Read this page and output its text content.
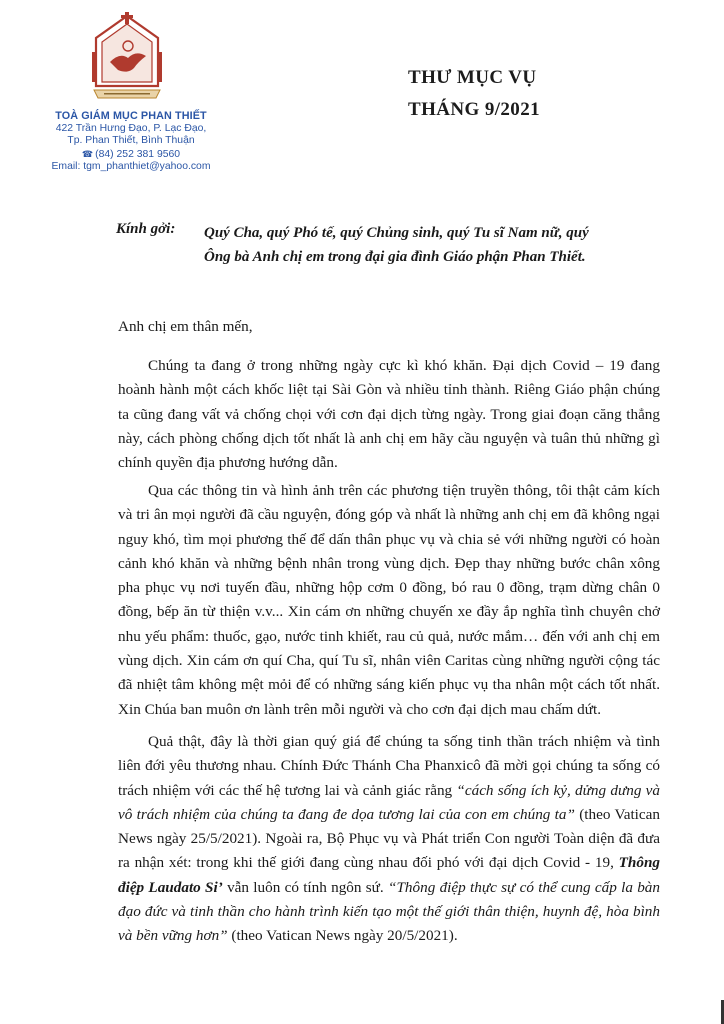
TOÀ GIÁM MỤC PHAN THIẾT
422 Trần Hưng Đạo, P. Lạc Đạo,
Tp. Phan Thiết, Bình Thuận
☎ (84) 252 381 9560
Email: tgm_phanthiet@yahoo.com
THƯ MỤC VỤ
THÁNG 9/2021
Kính gởi: Quý Cha, quý Phó tế, quý Chủng sinh, quý Tu sĩ Nam nữ, quý
Ông bà Anh chị em trong đại gia đình Giáo phận Phan Thiết.
Anh chị em thân mến,
Chúng ta đang ở trong những ngày cực kì khó khăn. Đại dịch Covid – 19 đang hoành hành một cách khốc liệt tại Sài Gòn và nhiều tỉnh thành. Riêng Giáo phận chúng ta cũng đang vất vả chống chọi với cơn đại dịch từng ngày. Trong giai đoạn căng thẳng này, cách phòng chống dịch tốt nhất là anh chị em hãy cầu nguyện và tuân thủ những gì chính quyền địa phương hướng dẫn.
Qua các thông tin và hình ảnh trên các phương tiện truyền thông, tôi thật cảm kích và tri ân mọi người đã cầu nguyện, đóng góp và nhất là những anh chị em đã không ngại nguy khó, tìm mọi phương thế để dấn thân phục vụ và chia sẻ với những người có hoàn cảnh khó khăn và những bệnh nhân trong vùng dịch. Đẹp thay những bước chân xông pha phục vụ nơi tuyến đầu, những hộp cơm 0 đồng, bó rau 0 đồng, trạm dừng chân 0 đồng, bếp ăn từ thiện v.v... Xin cám ơn những chuyến xe đầy ắp nghĩa tình chuyên chở nhu yếu phẩm: thuốc, gạo, nước tinh khiết, rau củ quả, nước mắm… đến với anh chị em vùng dịch. Xin cám ơn quí Cha, quí Tu sĩ, nhân viên Caritas cùng những người cộng tác đã nhiệt tâm không mệt mỏi để có những sáng kiến phục vụ tha nhân một cách tốt nhất. Xin Chúa ban muôn ơn lành trên mỗi người và cho cơn đại dịch mau chấm dứt.
Quả thật, đây là thời gian quý giá để chúng ta sống tinh thần trách nhiệm và tình liên đới yêu thương nhau. Chính Đức Thánh Cha Phanxicô đã mời gọi chúng ta sống có trách nhiệm với các thế hệ tương lai và cảnh giác rằng “cách sống ích kỷ, dửng dưng và vô trách nhiệm của chúng ta đang đe dọa tương lai của con em chúng ta” (theo Vatican News ngày 25/5/2021). Ngoài ra, Bộ Phục vụ và Phát triển Con người Toàn diện đã đưa ra nhận xét: trong khi thế giới đang cùng nhau đối phó với đại dịch Covid - 19, Thông điệp Laudato Si’ vẫn luôn có tính ngôn sứ. “Thông điệp thực sự có thể cung cấp la bàn đạo đức và tinh thần cho hành trình kiến tạo một thế giới thân thiện, huynh đệ, hòa bình và bền vững hơn” (theo Vatican News ngày 20/5/2021).
